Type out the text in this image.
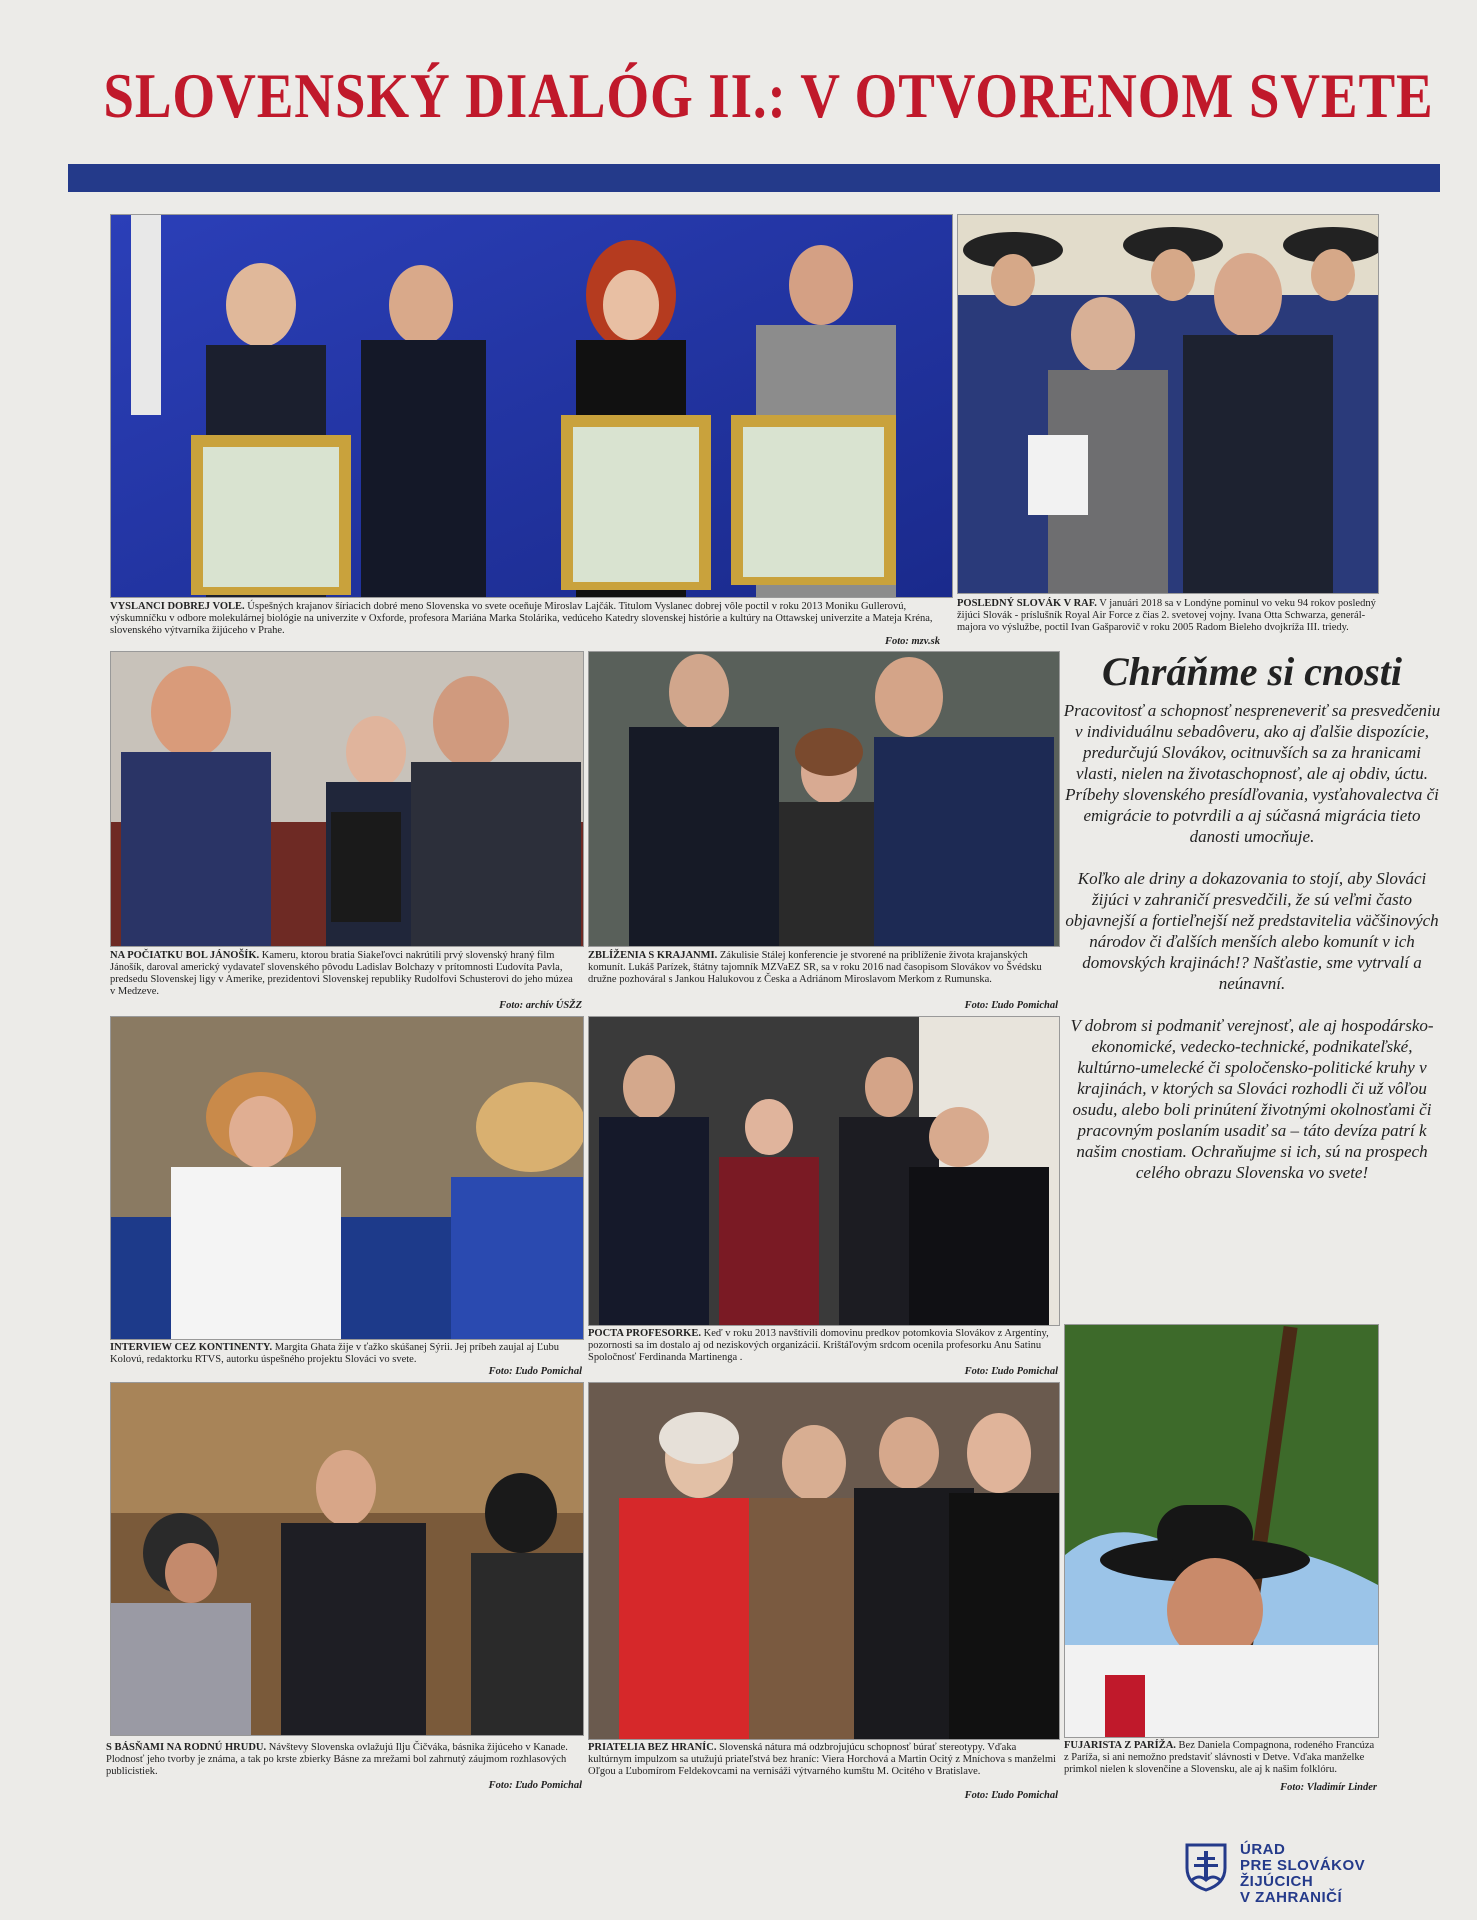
SLOVENSKÝ DIALÓG II.: V OTVORENOM SVETE
VYSLANCI DOBREJ VOLE. Úspešných krajanov šíriacich dobré meno Slovenska vo svete oceňuje Miroslav Lajčák. Titulom Vyslanec dobrej vôle poctil v roku 2013 Moniku Gullerovú, výskumníčku v odbore molekulárnej biológie na univerzite v Oxforde, profesora Mariána Marka Stolárika, vedúceho Katedry slovenskej histórie a kultúry na Ottawskej univerzite a Mateja Kréna, slovenského výtvarníka žijúceho v Prahe.
Foto: mzv.sk
POSLEDNÝ SLOVÁK V RAF. V januári 2018 sa v Londýne pominul vo veku 94 rokov posledný žijúci Slovák - príslušník Royal Air Force z čias 2. svetovej vojny. Ivana Otta Schwarza, generál-majora vo výslužbe, poctil Ivan Gašparovič v roku 2005 Radom Bieleho dvojkríža III. triedy.
NA POČIATKU BOL JÁNOŠÍK. Kameru, ktorou bratia Siakeľovci nakrútili prvý slovenský hraný film Jánošík, daroval americký vydavateľ slovenského pôvodu Ladislav Bolchazy v prítomnosti Ľudovíta Pavla, predsedu Slovenskej ligy v Amerike, prezidentovi Slovenskej republiky Rudolfovi Schusterovi do jeho múzea v Medzeve.
Foto: archív ÚSŽZ
ZBLÍŽENIA S KRAJANMI. Zákulisie Stálej konferencie je stvorené na priblíženie života krajanských komunít. Lukáš Parízek, štátny tajomník MZVaEZ SR, sa v roku 2016 nad časopisom Slovákov vo Švédsku družne pozhováral s Jankou Halukovou z Česka a Adriánom Miroslavom Merkom z Rumunska.
Foto: Ľudo Pomichal
Chráňme si cnosti

Pracovitosť a schopnosť nespreneveriť sa presvedčeniu v individuálnu sebadôveru, ako aj ďalšie dispozície, predurčujú Slovákov, ocitnuvších sa za hranicami vlasti, nielen na životaschopnosť, ale aj obdiv, úctu. Príbehy slovenského presídľovania, vysťahovalectva či emigrácie to potvrdili a aj súčasná migrácia tieto danosti umocňuje.

Koľko ale driny a dokazovania to stojí, aby Slováci žijúci v zahraničí presvedčili, že sú veľmi často objavnejší a fortieľnejší než predstavitelia väčšinových národov či ďalších menších alebo komunít v ich domovských krajinách!? Našťastie, sme vytrvalí a neúnavní.

V dobrom si podmaniť verejnosť, ale aj hospodársko-ekonomické, vedecko-technické, podnikateľské, kultúrno-umelecké či spoločensko-politické kruhy v krajinách, v ktorých sa Slováci rozhodli či už vôľou osudu, alebo boli prinútení životnými okolnosťami či pracovným poslaním usadiť sa – táto devíza patrí k našim cnostiam. Ochraňujme si ich, sú na prospech celého obrazu Slovenska vo svete!

INTERVIEW CEZ KONTINENTY. Margita Ghata žije v ťažko skúšanej Sýrii. Jej príbeh zaujal aj Ľubu Kolovú, redaktorku RTVS, autorku úspešného projektu Slováci vo svete.
Foto: Ľudo Pomichal
POCTA PROFESORKE. Keď v roku 2013 navštívili domovinu predkov potomkovia Slovákov z Argentíny, pozornosti sa im dostalo aj od neziskových organizácií. Krištáľovým srdcom ocenila profesorku Anu Satinu Spoločnosť Ferdinanda Martinenga .
Foto: Ľudo Pomichal
FUJARISTA Z PARÍŽA. Bez Daniela Compagnona, rodeného Francúza z Paríža, si ani nemožno predstaviť slávnosti v Detve. Vďaka manželke primkol nielen k slovenčine a Slovensku, ale aj k našim folklóru.
Foto: Vladimír Linder
S BÁSŇAMI NA RODNÚ HRUDU. Návštevy Slovenska ovlažujú Ilju Čičváka, básnika žijúceho v Kanade. Plodnosť jeho tvorby je známa, a tak po krste zbierky Básne za mrežami bol zahrnutý záujmom rozhlasových publicistiek.
Foto: Ľudo Pomichal
PRIATELIA BEZ HRANÍC. Slovenská nátura má odzbrojujúcu schopnosť búrať stereotypy. Vďaka kultúrnym impulzom sa utužujú priateľstvá bez hraníc: Viera Horchová a Martin Ocitý z Mníchova s manželmi Oľgou a Ľubomírom Feldekovcami na vernisáži výtvarného kumštu M. Ocitého v Bratislave.
Foto: Ľudo Pomichal
ÚRAD
PRE SLOVÁKOV
ŽIJÚCICH
V ZAHRANIČÍ
